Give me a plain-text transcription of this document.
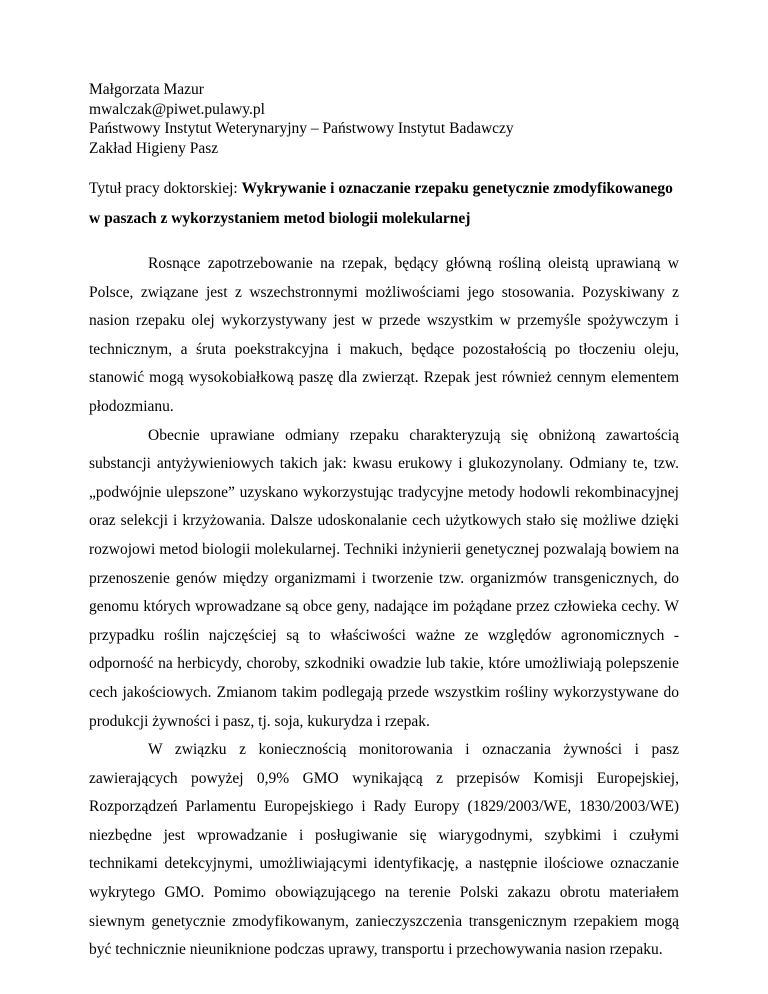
Małgorzata Mazur
mwalczak@piwet.pulawy.pl
Państwowy Instytut Weterynaryjny – Państwowy Instytut Badawczy
Zakład Higieny Pasz
Tytuł pracy doktorskiej: Wykrywanie i oznaczanie rzepaku genetycznie zmodyfikowanego w paszach z wykorzystaniem metod biologii molekularnej

Rosnące zapotrzebowanie na rzepak, będący główną rośliną oleistą uprawianą w Polsce, związane jest z wszechstronnymi możliwościami jego stosowania. Pozyskiwany z nasion rzepaku olej wykorzystywany jest w przede wszystkim w przemyśle spożywczym i technicznym, a śruta poekstrakcyjna i makuch, będące pozostałością po tłoczeniu oleju, stanowić mogą wysokobiałkową paszę dla zwierząt. Rzepak jest również cennym elementem płodozmianu.

Obecnie uprawiane odmiany rzepaku charakteryzują się obniżoną zawartością substancji antyżywieniowych takich jak: kwasu erukowy i glukozynolany. Odmiany te, tzw. „podwójnie ulepszone” uzyskano wykorzystując tradycyjne metody hodowli rekombinacyjnej oraz selekcji i krzyżowania. Dalsze udoskonalanie cech użytkowych stało się możliwe dzięki rozwojowi metod biologii molekularnej. Techniki inżynierii genetycznej pozwalają bowiem na przenoszenie genów między organizmami i tworzenie tzw. organizmów transgenicznych, do genomu których wprowadzane są obce geny, nadające im pożądane przez człowieka cechy. W przypadku roślin najczęściej są to właściwości ważne ze względów agronomicznych - odporność na herbicydy, choroby, szkodniki owadzie lub takie, które umożliwiają polepszenie cech jakościowych. Zmianom takim podlegają przede wszystkim rośliny wykorzystywane do produkcji żywności i pasz, tj. soja, kukurydza i rzepak.

W związku z koniecznością monitorowania i oznaczania żywności i pasz zawierających powyżej 0,9% GMO wynikającą z przepisów Komisji Europejskiej, Rozporządzeń Parlamentu Europejskiego i Rady Europy (1829/2003/WE, 1830/2003/WE) niezbędne jest wprowadzanie i posługiwanie się wiarygodnymi, szybkimi i czułymi technikami detekcyjnymi, umożliwiającymi identyfikację, a następnie ilościowe oznaczanie wykrytego GMO. Pomimo obowiązującego na terenie Polski zakazu obrotu materiałem siewnym genetycznie zmodyfikowanym, zanieczyszczenia transgenicznym rzepakiem mogą być technicznie nieuniknione podczas uprawy, transportu i przechowywania nasion rzepaku.
